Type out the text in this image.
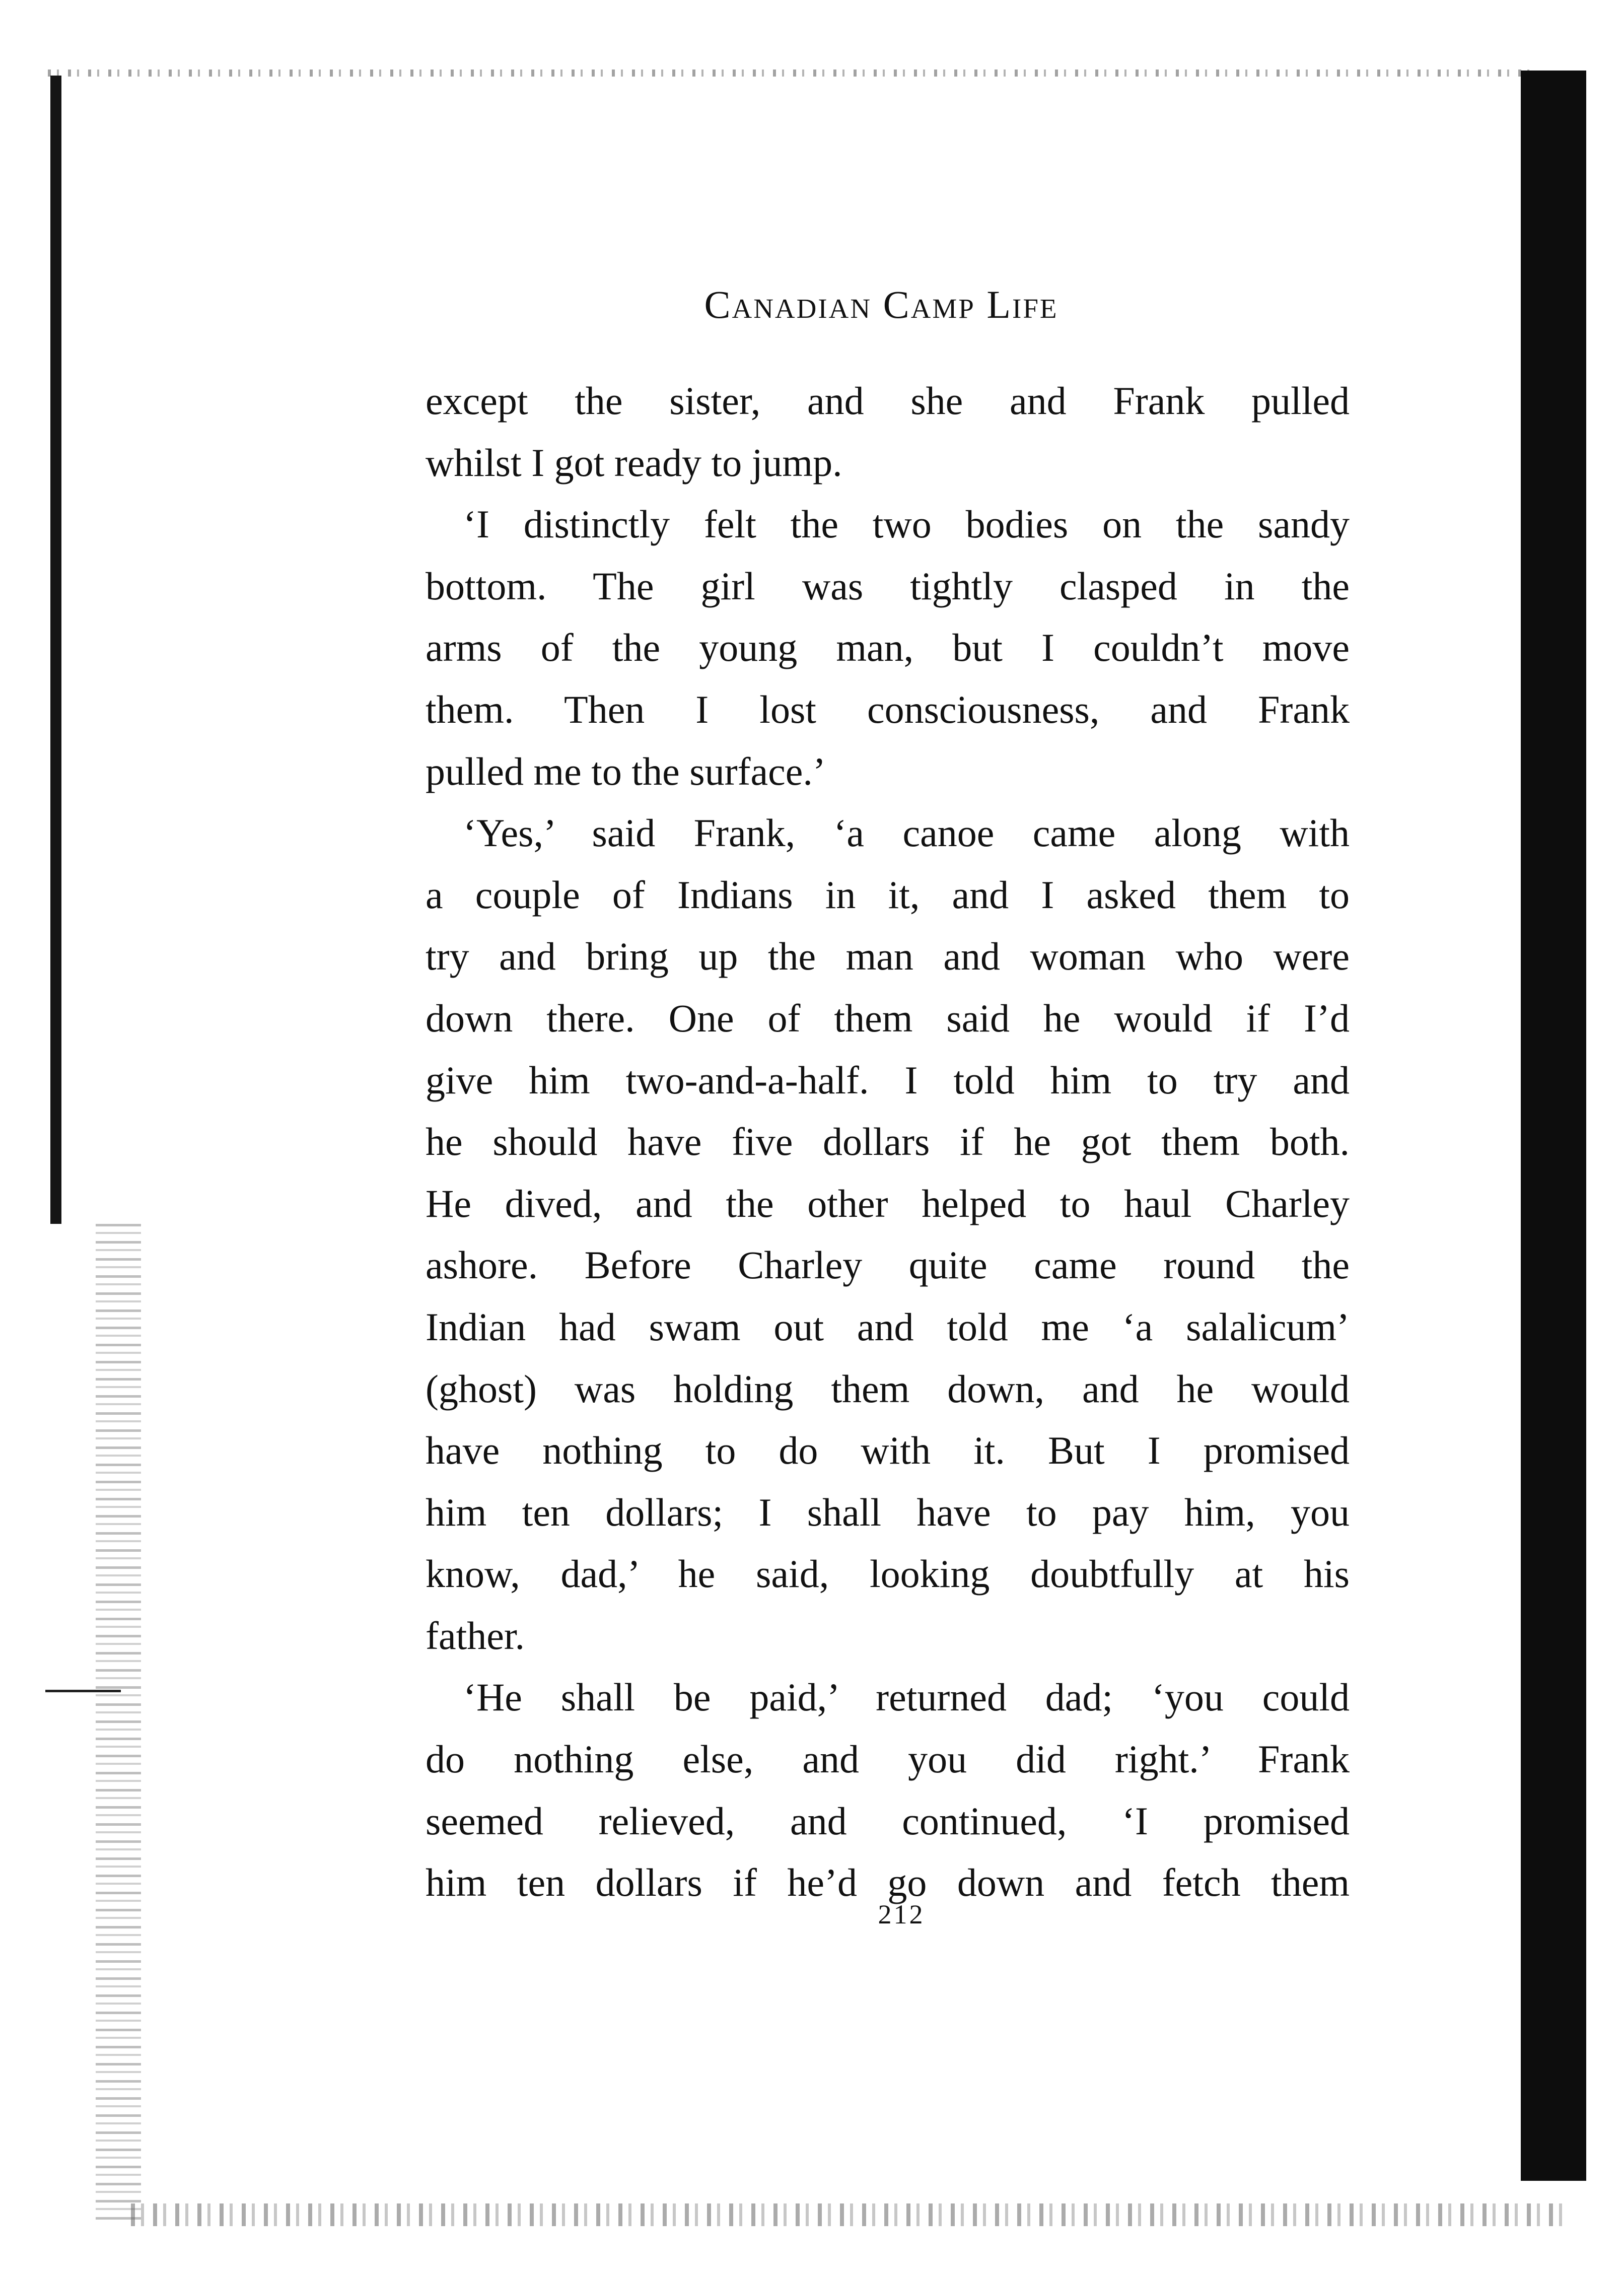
Canadian Camp Life
except the sister, and she and Frank pulled
whilst I got ready to jump.
‘I distinctly felt the two bodies on the sandy
bottom. The girl was tightly clasped in the
arms of the young man, but I couldn’t move
them. Then I lost consciousness, and Frank
pulled me to the surface.’
‘Yes,’ said Frank, ‘a canoe came along with
a couple of Indians in it, and I asked them to
try and bring up the man and woman who were
down there. One of them said he would if I’d
give him two-and-a-half. I told him to try and
he should have five dollars if he got them both.
He dived, and the other helped to haul Charley
ashore. Before Charley quite came round the
Indian had swam out and told me ‘a salalicum’
(ghost) was holding them down, and he would
have nothing to do with it. But I promised
him ten dollars; I shall have to pay him, you
know, dad,’ he said, looking doubtfully at his
father.
‘He shall be paid,’ returned dad; ‘you could
do nothing else, and you did right.’ Frank
seemed relieved, and continued, ‘I promised
him ten dollars if he’d go down and fetch them
212
